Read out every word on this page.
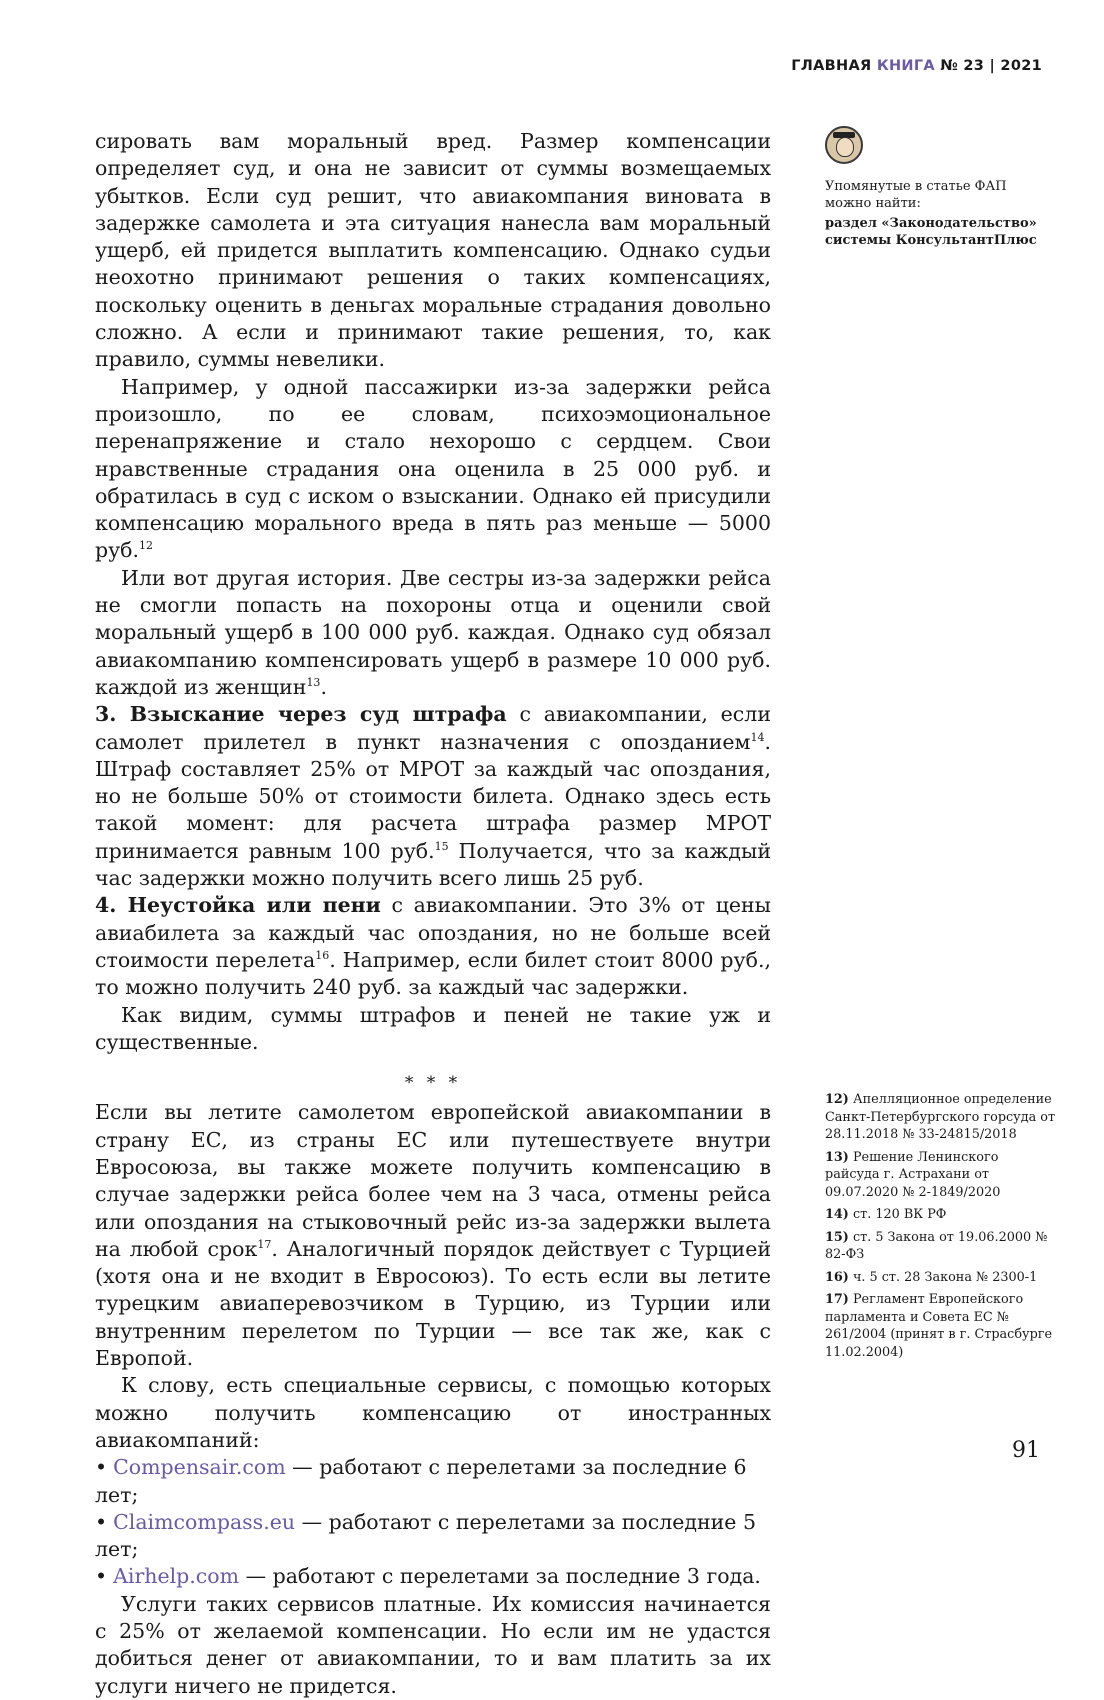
ГЛАВНАЯ КНИГА № 23 | 2021

сировать вам моральный вред. Размер компенсации определяет суд, и она не зависит от суммы возмещаемых убытков. Если суд решит, что авиакомпания виновата в задержке самолета и эта ситуация нанесла вам моральный ущерб, ей придется выплатить компенсацию. Однако судьи неохотно принимают решения о таких компенсациях, поскольку оценить в деньгах моральные страдания довольно сложно. А если и принимают такие решения, то, как правило, суммы невелики.

Например, у одной пассажирки из-за задержки рейса произошло, по ее словам, психоэмоциональное перенапряжение и стало нехорошо с сердцем. Свои нравственные страдания она оценила в 25 000 руб. и обратилась в суд с иском о взыскании. Однако ей присудили компенсацию морального вреда в пять раз меньше — 5000 руб.$^{12}$

Или вот другая история. Две сестры из-за задержки рейса не смогли попасть на похороны отца и оценили свой моральный ущерб в 100 000 руб. каждая. Однако суд обязал авиакомпанию компенсировать ущерб в размере 10 000 руб. каждой из женщин$^{13}$.

3. Взыскание через суд штрафа с авиакомпании, если самолет прилетел в пункт назначения с опозданием$^{14}$. Штраф составляет 25% от МРОТ за каждый час опоздания, но не больше 50% от стоимости билета. Однако здесь есть такой момент: для расчета штрафа размер МРОТ принимается равным 100 руб.$^{15}$ Получается, что за каждый час задержки можно получить всего лишь 25 руб.

4. Неустойка или пени с авиакомпании. Это 3% от цены авиабилета за каждый час опоздания, но не больше всей стоимости перелета$^{16}$. Например, если билет стоит 8000 руб., то можно получить 240 руб. за каждый час задержки.

Как видим, суммы штрафов и пеней не такие уж и существенные.

* * *

Если вы летите самолетом европейской авиакомпании в страну ЕС, из страны ЕС или путешествуете внутри Евросоюза, вы также можете получить компенсацию в случае задержки рейса более чем на 3 часа, отмены рейса или опоздания на стыковочный рейс из-за задержки вылета на любой срок$^{17}$. Аналогичный порядок действует с Турцией (хотя она и не входит в Евросоюз). То есть если вы летите турецким авиаперевозчиком в Турцию, из Турции или внутренним перелетом по Турции — все так же, как с Европой.

К слову, есть специальные сервисы, с помощью которых можно получить компенсацию от иностранных авиакомпаний:

• Compensair.com — работают с перелетами за последние 6 лет;
• Claimcompass.eu — работают с перелетами за последние 5 лет;
• Airhelp.com — работают с перелетами за последние 3 года.

Услуги таких сервисов платные. Их комиссия начинается с 25% от желаемой компенсации. Но если им не удастся добиться денег от авиакомпании, то и вам платить за их услуги ничего не придется.

Упомянутые в статье ФАП можно найти:

раздел «Законодательство» системы КонсультантПлюс

12) Апелляционное определение Санкт-Петербургского горсуда от 28.11.2018 № 33-24815/2018

13) Решение Ленинского райсуда г. Астрахани от 09.07.2020 № 2-1849/2020

14) ст. 120 ВК РФ

15) ст. 5 Закона от 19.06.2000 № 82-ФЗ

16) ч. 5 ст. 28 Закона № 2300-1

17) Регламент Европейского парламента и Совета ЕС № 261/2004 (принят в г. Страсбурге 11.02.2004)

91
